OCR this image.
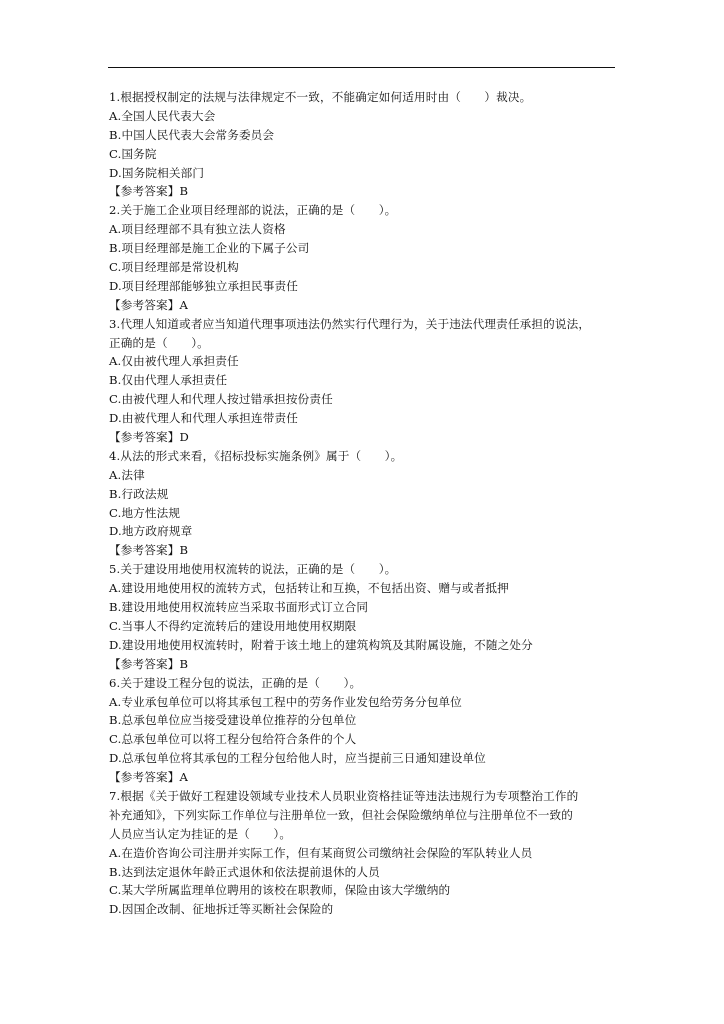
1.根据授权制定的法规与法律规定不一致，不能确定如何适用时由（　　）裁决。
A.全国人民代表大会
B.中国人民代表大会常务委员会
C.国务院
D.国务院相关部门
【参考答案】B
2.关于施工企业项目经理部的说法，正确的是（　　）。
A.项目经理部不具有独立法人资格
B.项目经理部是施工企业的下属子公司
C.项目经理部是常设机构
D.项目经理部能够独立承担民事责任
【参考答案】A
3.代理人知道或者应当知道代理事项违法仍然实行代理行为，关于违法代理责任承担的说法，
正确的是（　　）。
A.仅由被代理人承担责任
B.仅由代理人承担责任
C.由被代理人和代理人按过错承担按份责任
D.由被代理人和代理人承担连带责任
【参考答案】D
4.从法的形式来看，《招标投标实施条例》属于（　　）。
A.法律
B.行政法规
C.地方性法规
D.地方政府规章
【参考答案】B
5.关于建设用地使用权流转的说法，正确的是（　　）。
A.建设用地使用权的流转方式，包括转让和互换，不包括出资、赠与或者抵押
B.建设用地使用权流转应当采取书面形式订立合同
C.当事人不得约定流转后的建设用地使用权期限
D.建设用地使用权流转时，附着于该土地上的建筑构筑及其附属设施，不随之处分
【参考答案】B
6.关于建设工程分包的说法，正确的是（　　）。
A.专业承包单位可以将其承包工程中的劳务作业发包给劳务分包单位
B.总承包单位应当接受建设单位推荐的分包单位
C.总承包单位可以将工程分包给符合条件的个人
D.总承包单位将其承包的工程分包给他人时，应当提前三日通知建设单位
【参考答案】A
7.根据《关于做好工程建设领域专业技术人员职业资格挂证等违法违规行为专项整治工作的
补充通知》，下列实际工作单位与注册单位一致，但社会保险缴纳单位与注册单位不一致的
人员应当认定为挂证的是（　　）。
A.在造价咨询公司注册并实际工作，但有某商贸公司缴纳社会保险的军队转业人员
B.达到法定退休年龄正式退休和依法提前退休的人员
C.某大学所属监理单位聘用的该校在职教师，保险由该大学缴纳的
D.因国企改制、征地拆迁等买断社会保险的
